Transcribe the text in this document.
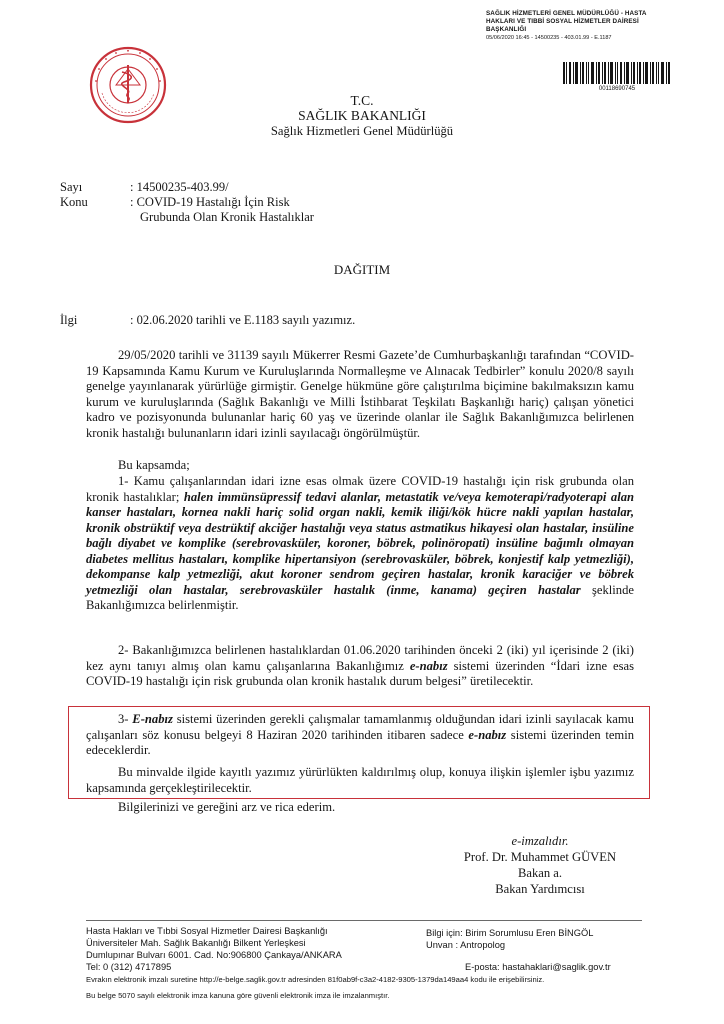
SAĞLIK HİZMETLERİ GENEL MÜDÜRLÜĞÜ - HASTA
HAKLARI VE TIBBİ SOSYAL HİZMETLER DAİRESİ
BAŞKANLIĞI
05/06/2020 16:45 - 14500235 - 403.01.99 - E.1187
00118690745
T.C.
SAĞLIK BAKANLIĞI
Sağlık Hizmetleri Genel Müdürlüğü
Sayı	: 14500235-403.99/
Konu	: COVID-19 Hastalığı İçin Risk
Grubunda Olan Kronik Hastalıklar
DAĞITIM
İlgi	: 02.06.2020 tarihli ve E.1183 sayılı yazımız.
29/05/2020 tarihli ve 31139 sayılı Mükerrer Resmi Gazete’de Cumhurbaşkanlığı tarafından “COVID-19 Kapsamında Kamu Kurum ve Kuruluşlarında Normalleşme ve Alınacak Tedbirler” konulu 2020/8 sayılı genelge yayınlanarak yürürlüğe girmiştir. Genelge hükmüne göre çalıştırılma biçimine bakılmaksızın kamu kurum ve kuruluşlarında (Sağlık Bakanlığı ve Milli İstihbarat Teşkilatı Başkanlığı hariç) çalışan yönetici kadro ve pozisyonunda bulunanlar hariç 60 yaş ve üzerinde olanlar ile Sağlık Bakanlığımızca belirlenen kronik hastalığı bulunanların idari izinli sayılacağı öngörülmüştür.
Bu kapsamda;
1- Kamu çalışanlarından idari izne esas olmak üzere COVID-19 hastalığı için risk grubunda olan kronik hastalıklar; halen immünsüpressif tedavi alanlar, metastatik ve/veya kemoterapi/radyoterapi alan kanser hastaları, kornea nakli hariç solid organ nakli, kemik iliği/kök hücre nakli yapılan hastalar, kronik obstrüktif veya destrüktif akciğer hastalığı veya status astmatikus hikayesi olan hastalar, insüline bağlı diyabet ve komplike (serebrovasküler, koroner, böbrek, polinöropati) insüline bağımlı olmayan diabetes mellitus hastaları, komplike hipertansiyon (serebrovasküler, böbrek, konjestif kalp yetmezliği), dekompanse kalp yetmezliği, akut koroner sendrom geçiren hastalar, kronik karaciğer ve böbrek yetmezliği olan hastalar, serebrovasküler hastalık (inme, kanama) geçiren hastalar şeklinde Bakanlığımızca belirlenmiştir.
2- Bakanlığımızca belirlenen hastalıklardan 01.06.2020 tarihinden önceki 2 (iki) yıl içerisinde 2 (iki) kez aynı tanıyı almış olan kamu çalışanlarına Bakanlığımız e-nabız sistemi üzerinden “İdari izne esas COVID-19 hastalığı için risk grubunda olan kronik hastalık durum belgesi” üretilecektir.
3- E-nabız sistemi üzerinden gerekli çalışmalar tamamlanmış olduğundan idari izinli sayılacak kamu çalışanları söz konusu belgeyi 8 Haziran 2020 tarihinden itibaren sadece e-nabız sistemi üzerinden temin edeceklerdir.
Bu minvalde ilgide kayıtlı yazımız yürürlükten kaldırılmış olup, konuya ilişkin işlemler işbu yazımız kapsamında gerçekleştirilecektir.
Bilgilerinizi ve gereğini arz ve rica ederim.
e-imzalıdır.
Prof. Dr. Muhammet GÜVEN
Bakan a.
Bakan Yardımcısı
Hasta Hakları ve Tıbbi Sosyal Hizmetler Dairesi Başkanlığı
Üniversiteler Mah. Sağlık Bakanlığı Bilkent Yerleşkesi
Dumlupınar Bulvarı 6001. Cad. No:906800 Çankaya/ANKARA
Tel: 0 (312) 4717895
Bilgi için: Birim Sorumlusu Eren BİNGÖL
Unvan : Antropolog
E-posta: hastahaklari@saglik.gov.tr
Evrakın elektronik imzalı suretine http://e-belge.saglik.gov.tr adresinden 81f0ab9f-c3a2-4182-9305-1379da149aa4 kodu ile erişebilirsiniz.
Bu belge 5070 sayılı elektronik imza kanuna göre güvenli elektronik imza ile imzalanmıştır.
